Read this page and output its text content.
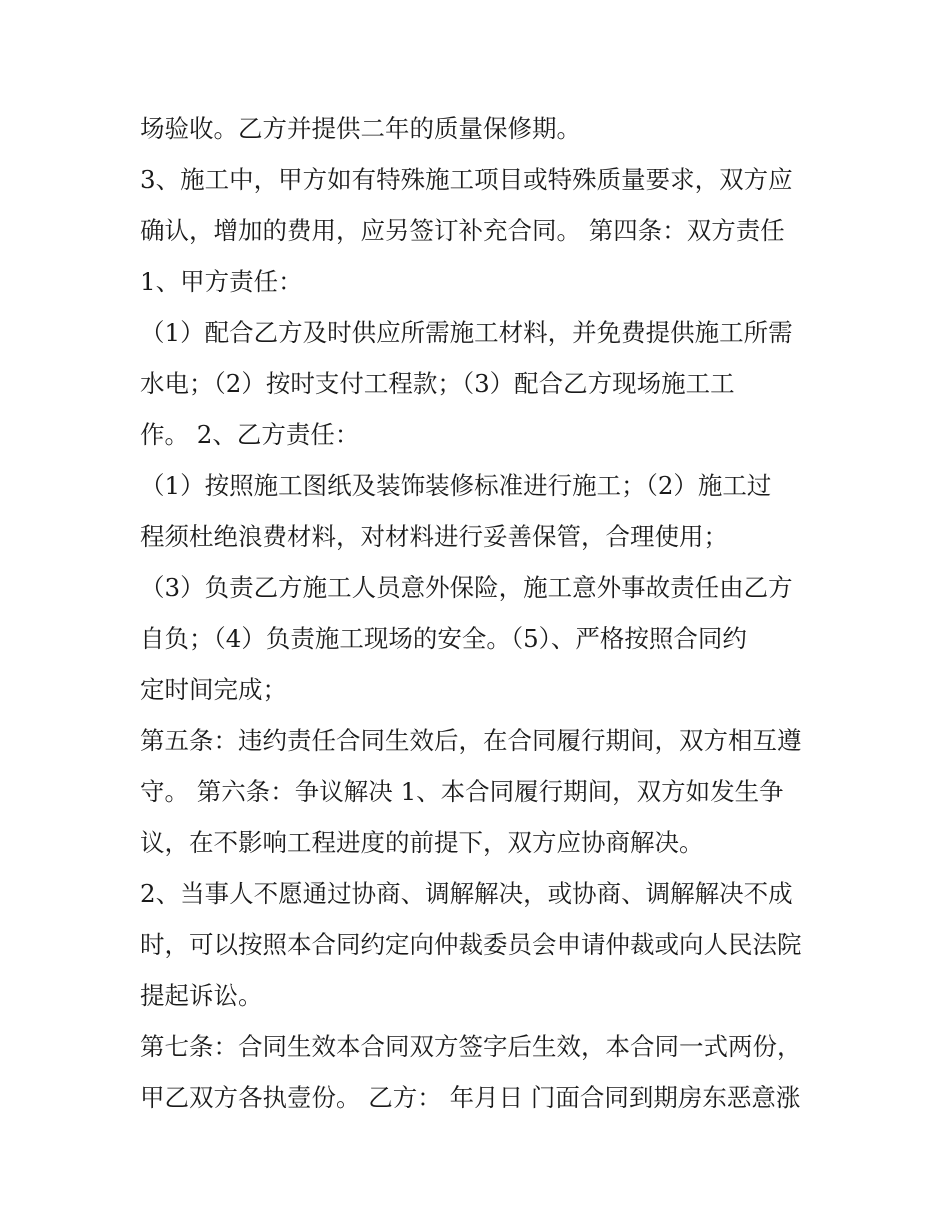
场验收。乙方并提供二年的质量保修期。

3、施工中，甲方如有特殊施工项目或特殊质量要求，双方应

确认，增加的费用，应另签订补充合同。 第四条：双方责任

1、甲方责任：

（1）配合乙方及时供应所需施工材料，并免费提供施工所需

水电；（2）按时支付工程款；（3）配合乙方现场施工工

作。 2、乙方责任：

（1）按照施工图纸及装饰装修标准进行施工；（2）施工过

程须杜绝浪费材料，对材料进行妥善保管，合理使用；

（3）负责乙方施工人员意外保险，施工意外事故责任由乙方

自负；（4）负责施工现场的安全。（5）、严格按照合同约

定时间完成；

第五条：违约责任合同生效后，在合同履行期间，双方相互遵

守。 第六条：争议解决 1、本合同履行期间，双方如发生争

议，在不影响工程进度的前提下，双方应协商解决。

2、当事人不愿通过协商、调解解决，或协商、调解解决不成

时，可以按照本合同约定向仲裁委员会申请仲裁或向人民法院

提起诉讼。

第七条：合同生效本合同双方签字后生效，本合同一式两份，

甲乙双方各执壹份。 乙方： 年月日 门面合同到期房东恶意涨
